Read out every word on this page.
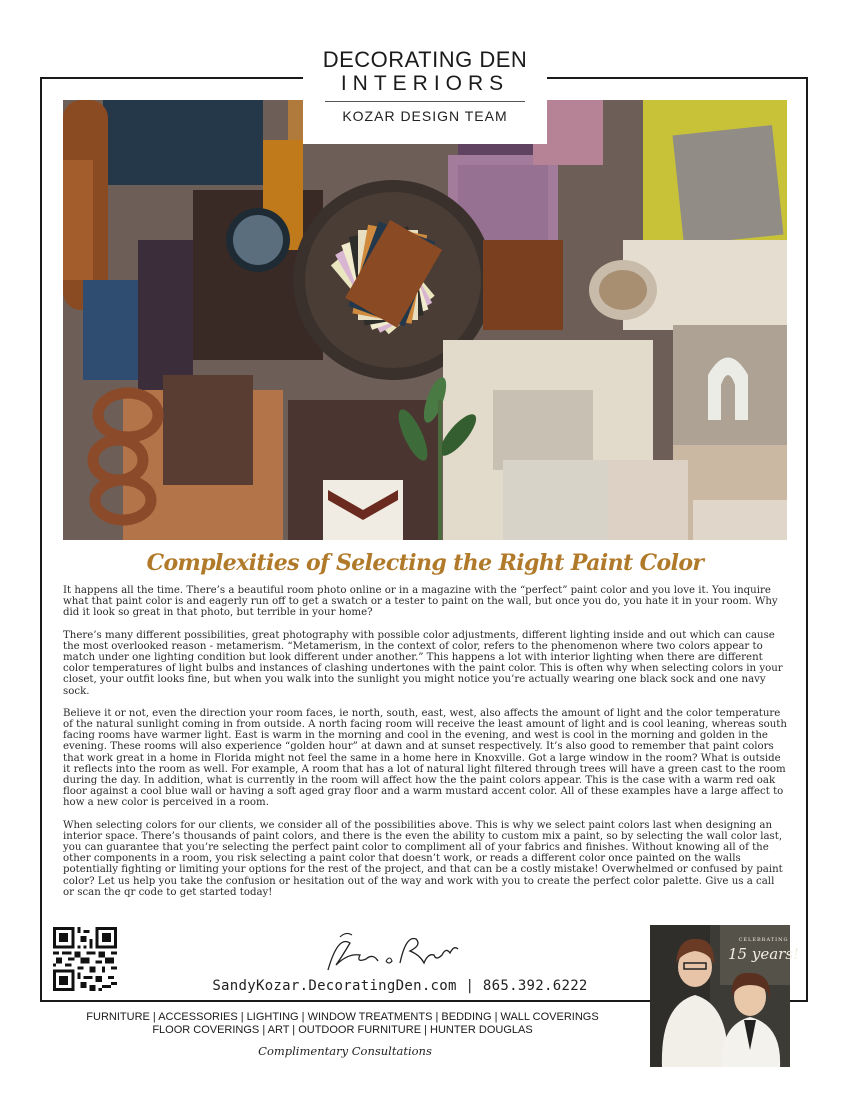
DECORATING DEN
INTERIORS
KOZAR DESIGN TEAM
Complexities of Selecting the Right Paint Color

It happens all the time. There’s a beautiful room photo online or in a magazine with the “perfect” paint color and you love it. You inquire what that paint color is and eagerly run off to get a swatch or a tester to paint on the wall, but once you do, you hate it in your room. Why did it look so great in that photo, but terrible in your home?

There’s many different possibilities, great photography with possible color adjustments, different lighting inside and out which can cause the most overlooked reason - metamerism. “Metamerism, in the context of color, refers to the phenomenon where two colors appear to match under one lighting condition but look different under another.” This happens a lot with interior lighting when there are different color temperatures of light bulbs and instances of clashing undertones with the paint color. This is often why when selecting colors in your closet, your outfit looks fine, but when you walk into the sunlight you might notice you’re actually wearing one black sock and one navy sock.

Believe it or not, even the direction your room faces, ie north, south, east, west, also affects the amount of light and the color temperature of the natural sunlight coming in from outside. A north facing room will receive the least amount of light and is cool leaning, whereas south facing rooms have warmer light. East is warm in the morning and cool in the evening, and west is cool in the morning and golden in the evening. These rooms will also experience “golden hour” at dawn and at sunset respectively. It’s also good to remember that paint colors that work great in a home in Florida might not feel the same in a home here in Knoxville. Got a large window in the room? What is outside it reflects into the room as well. For example, A room that has a lot of natural light filtered through trees will have a green cast to the room during the day. In addition, what is currently in the room will affect how the the paint colors appear. This is the case with a warm red oak floor against a cool blue wall or having a soft aged gray floor and a warm mustard accent color. All of these examples have a large affect to how a new color is perceived in a room.

When selecting colors for our clients, we consider all of the possibilities above. This is why we select paint colors last when designing an interior space. There’s thousands of paint colors, and there is the even the ability to custom mix a paint, so by selecting the wall color last, you can guarantee that you’re selecting the perfect paint color to compliment all of your fabrics and finishes. Without knowing all of the other components in a room, you risk selecting a paint color that doesn’t work, or reads a different color once painted on the walls potentially fighting or limiting your options for the rest of the project, and that can be a costly mistake! Overwhelmed or confused by paint color? Let us help you take the confusion or hesitation out of the way and work with you to create the perfect color palette. Give us a call or scan the qr code to get started today!

SandyKozar.DecoratingDen.com | 865.392.6222
CELEBRATING
15 years!
FURNITURE | ACCESSORIES | LIGHTING | WINDOW TREATMENTS | BEDDING | WALL COVERINGS
FLOOR COVERINGS | ART | OUTDOOR FURNITURE | HUNTER DOUGLAS
Complimentary Consultations
